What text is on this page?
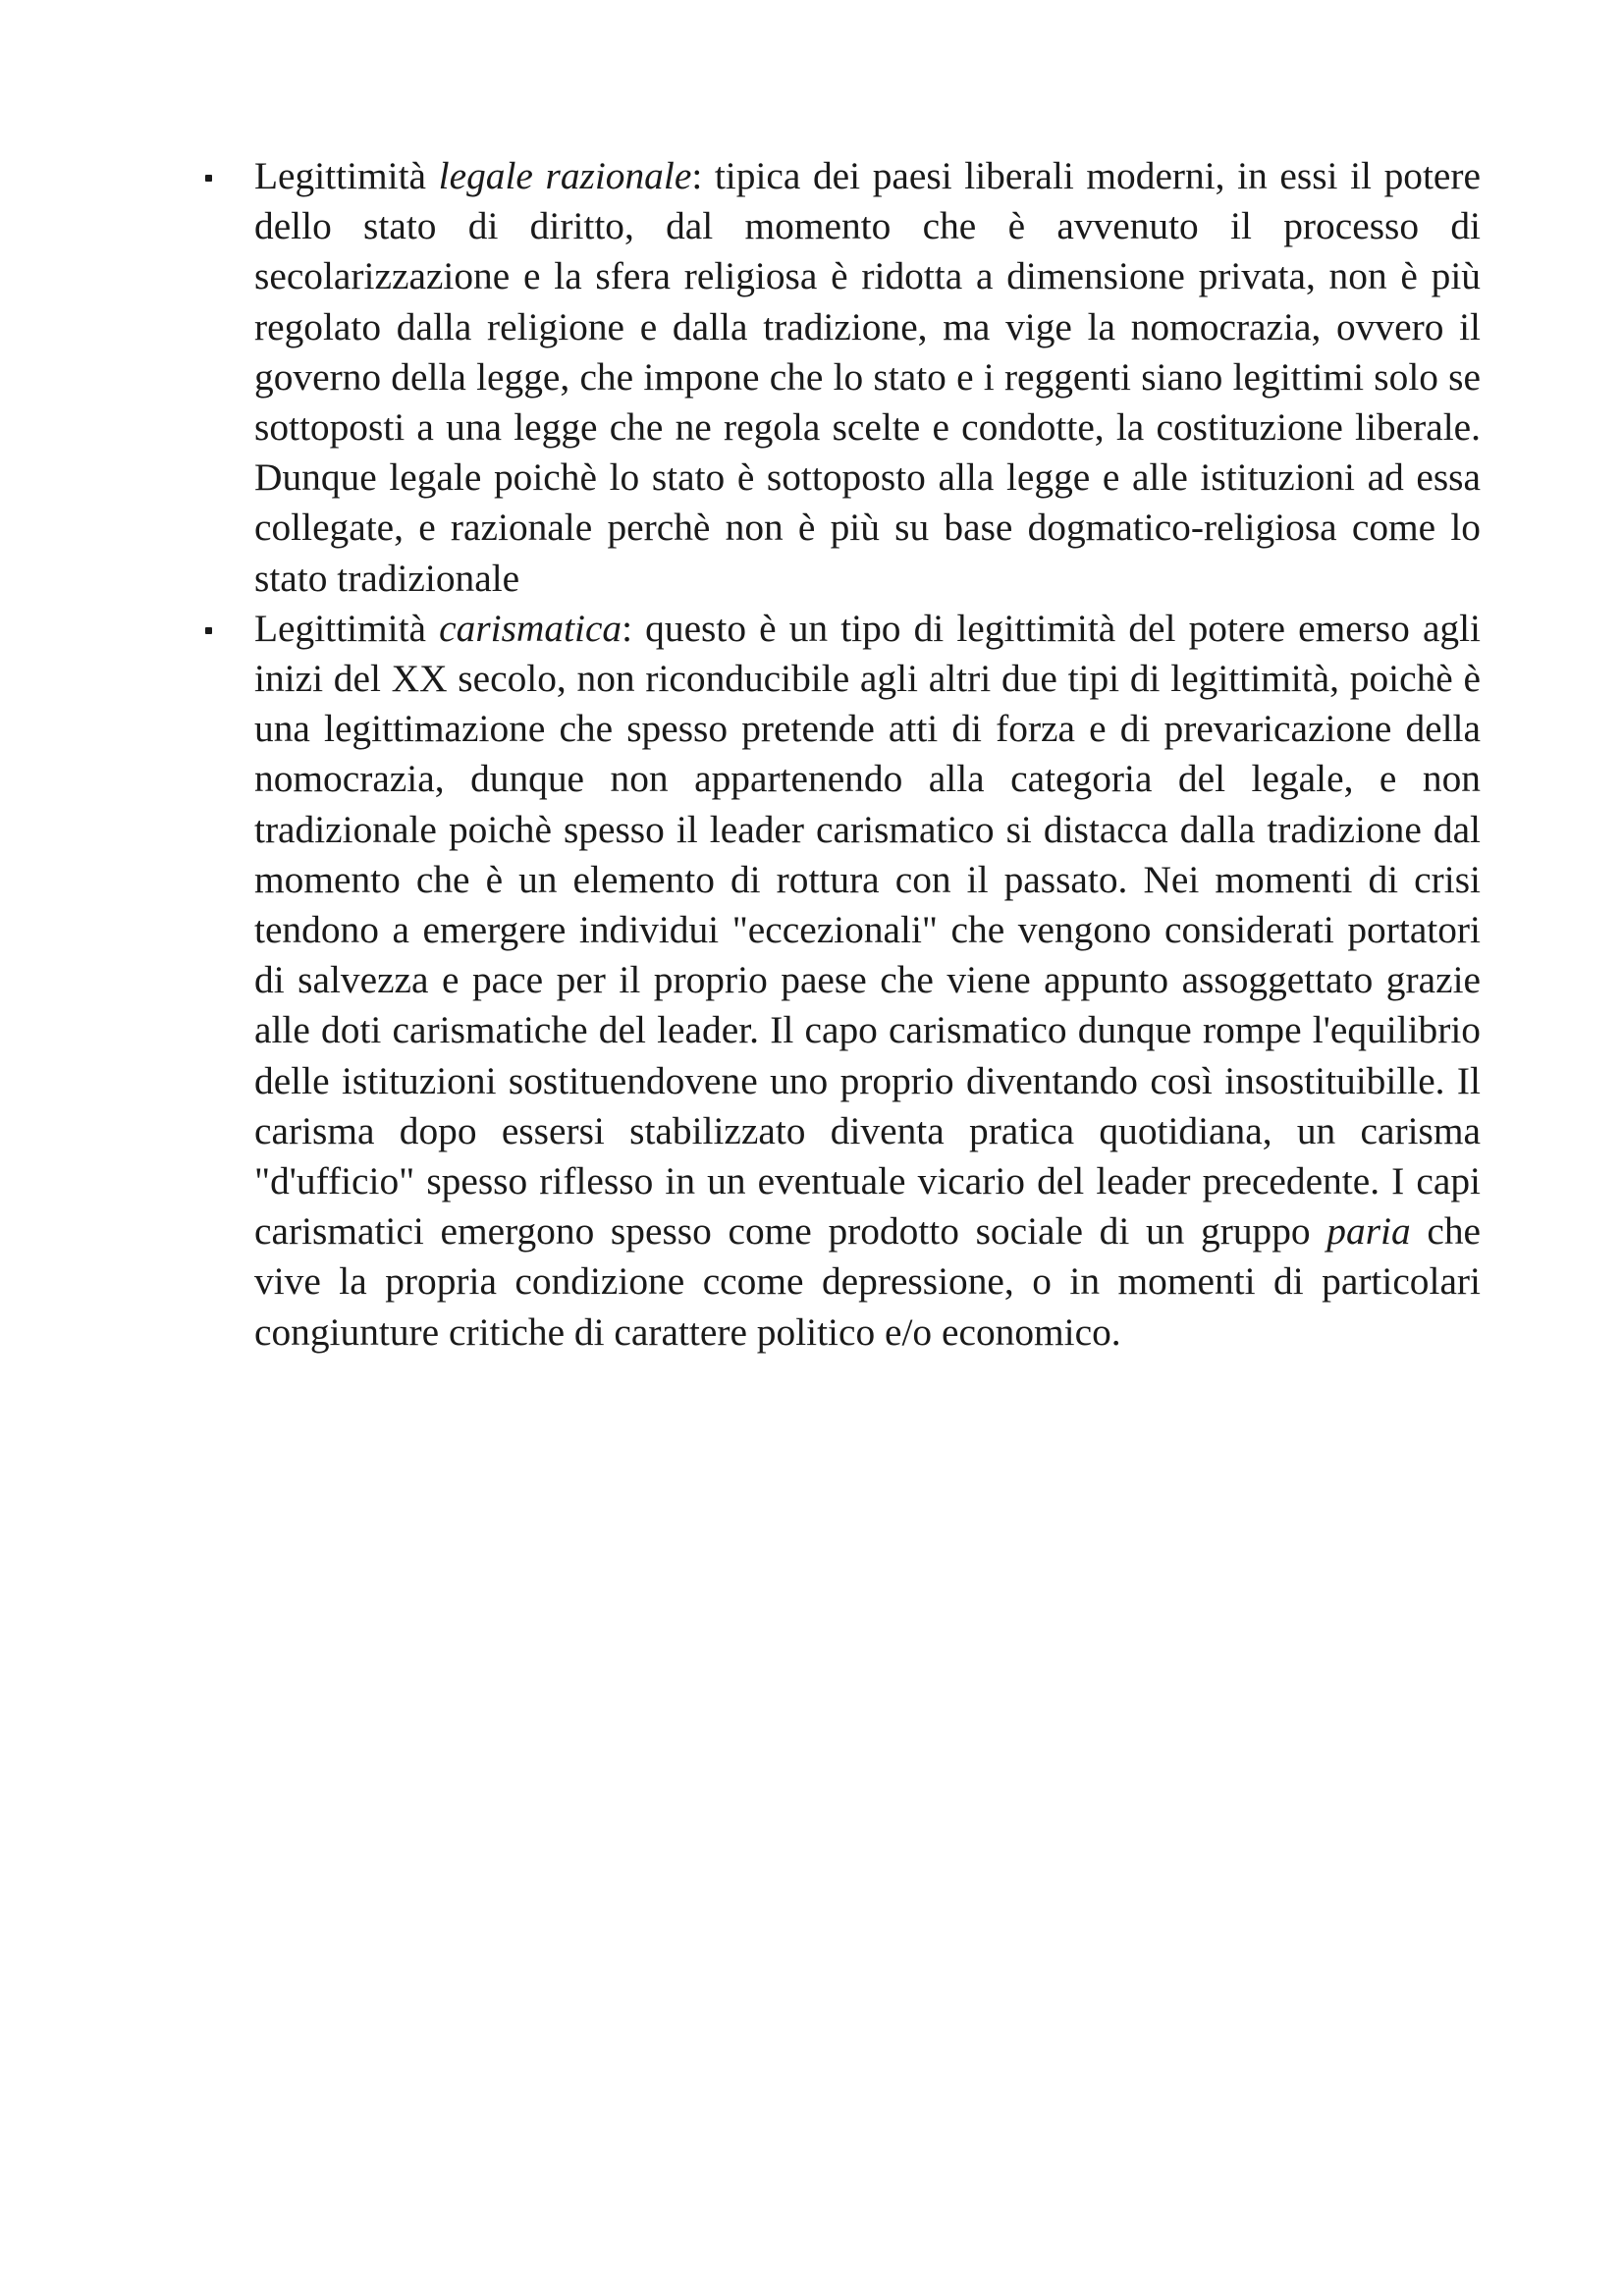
Legittimità legale razionale: tipica dei paesi liberali moderni, in essi il potere dello stato di diritto, dal momento che è avvenuto il processo di secolarizzazione e la sfera religiosa è ridotta a dimensione privata, non è più regolato dalla religione e dalla tradizione, ma vige la nomocrazia, ovvero il governo della legge, che impone che lo stato e i reggenti siano legittimi solo se sottoposti a una legge che ne regola scelte e condotte, la costituzione liberale. Dunque legale poichè lo stato è sottoposto alla legge e alle istituzioni ad essa collegate, e razionale perchè non è più su base dogmatico-religiosa come lo stato tradizionale
Legittimità carismatica: questo è un tipo di legittimità del potere emerso agli inizi del XX secolo, non riconducibile agli altri due tipi di legittimità, poichè è una legittimazione che spesso pretende atti di forza e di prevaricazione della nomocrazia, dunque non appartenendo alla categoria del legale, e non tradizionale poichè spesso il leader carismatico si distacca dalla tradizione dal momento che è un elemento di rottura con il passato. Nei momenti di crisi tendono a emergere individui "eccezionali" che vengono considerati portatori di salvezza e pace per il proprio paese che viene appunto assoggettato grazie alle doti carismatiche del leader. Il capo carismatico dunque rompe l'equilibrio delle istituzioni sostituendovene uno proprio diventando così insostituibille. Il carisma dopo essersi stabilizzato diventa pratica quotidiana, un carisma "d'ufficio" spesso riflesso in un eventuale vicario del leader precedente. I capi carismatici emergono spesso come prodotto sociale di un gruppo paria che vive la propria condizione ccome depressione, o in momenti di particolari congiunture critiche di carattere politico e/o economico.
